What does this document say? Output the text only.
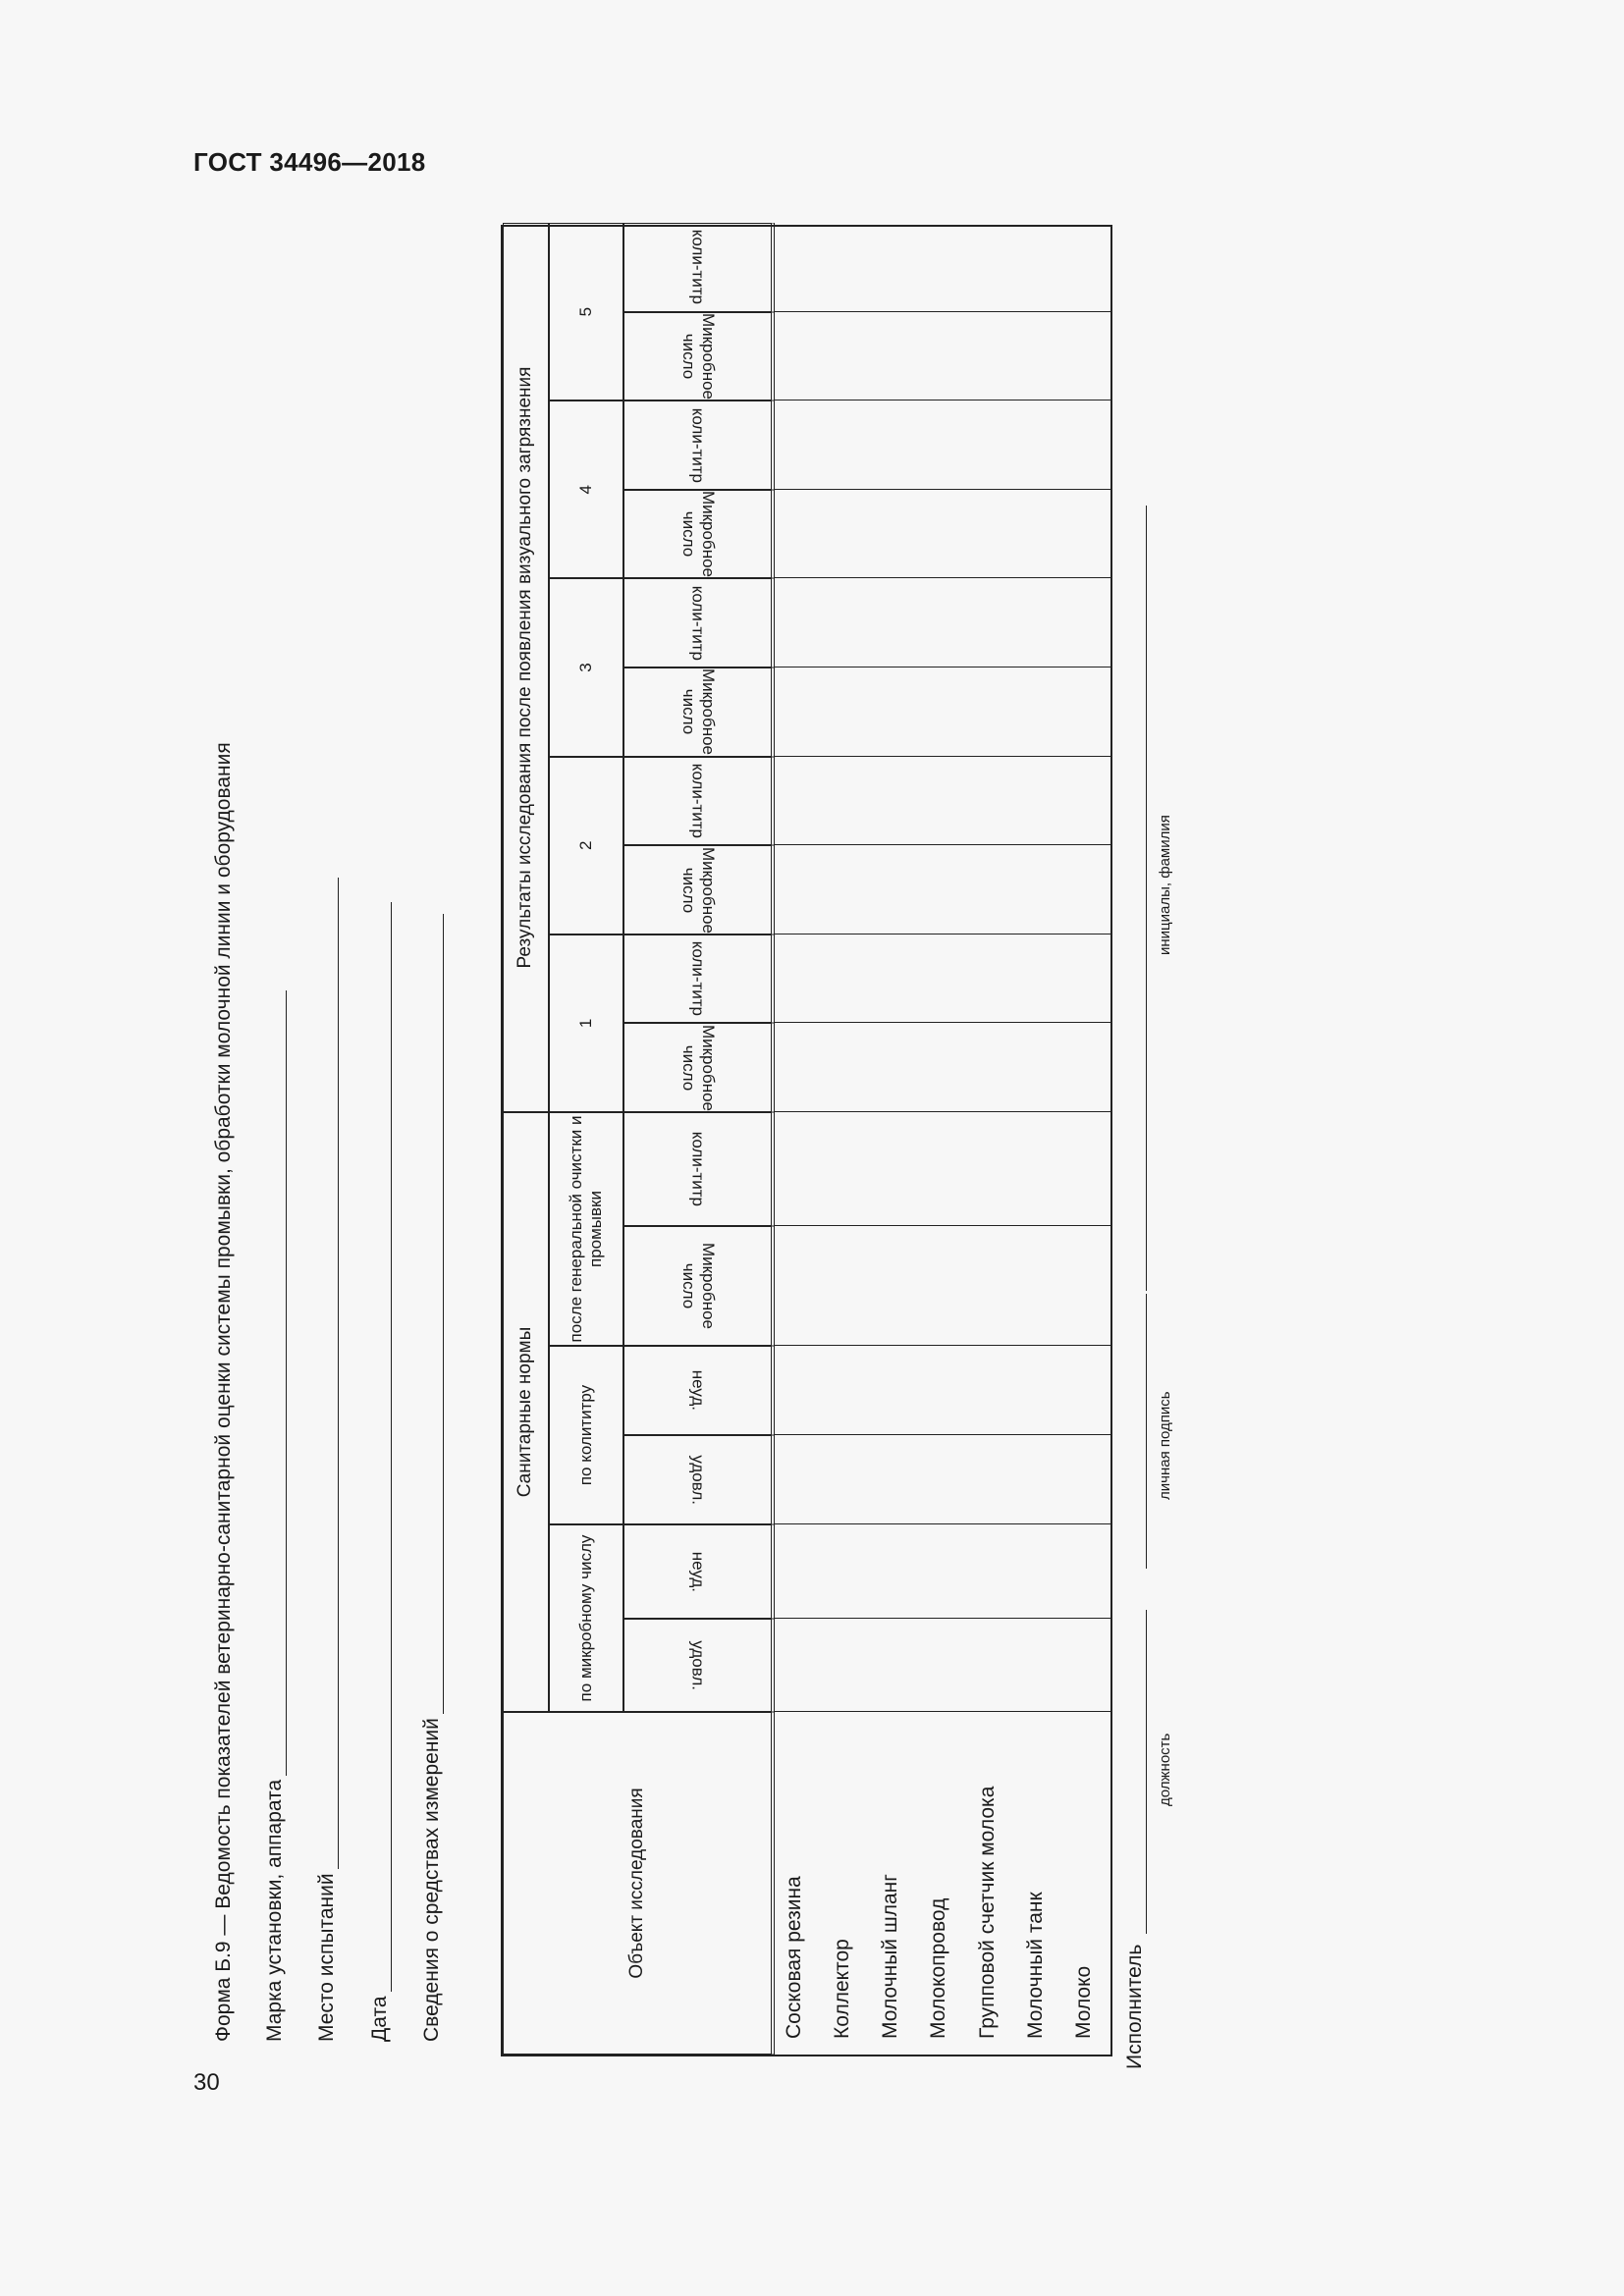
ГОСТ 34496—2018
30
Форма Б.9 — Ведомость показателей ветеринарно-санитарной оценки системы промывки, обработки молочной линии и оборудования Марка установки, аппарата Место испытаний Дата Сведения о средствах измерений	Объект исследования
Санитарные нормы
по микробному числу
по колититру
после генеральной очистки и промывки
Результаты исследования после появления визуального загрязнения
1
2
3
4
5
удовл.
неуд.
удовл.
неуд.
Микробное число
коли-титр
Микробное число
коли-титр
Микробное число
коли-титр
Микробное число
коли-титр
Микробное число
коли-титр
Микробное число
коли-титр
Сосковая резина Коллектор Молочный шланг Молокопровод Групповой счетчик молока Молочный танк Молоко Исполнитель
должность
личная подпись
инициалы, фамилия
